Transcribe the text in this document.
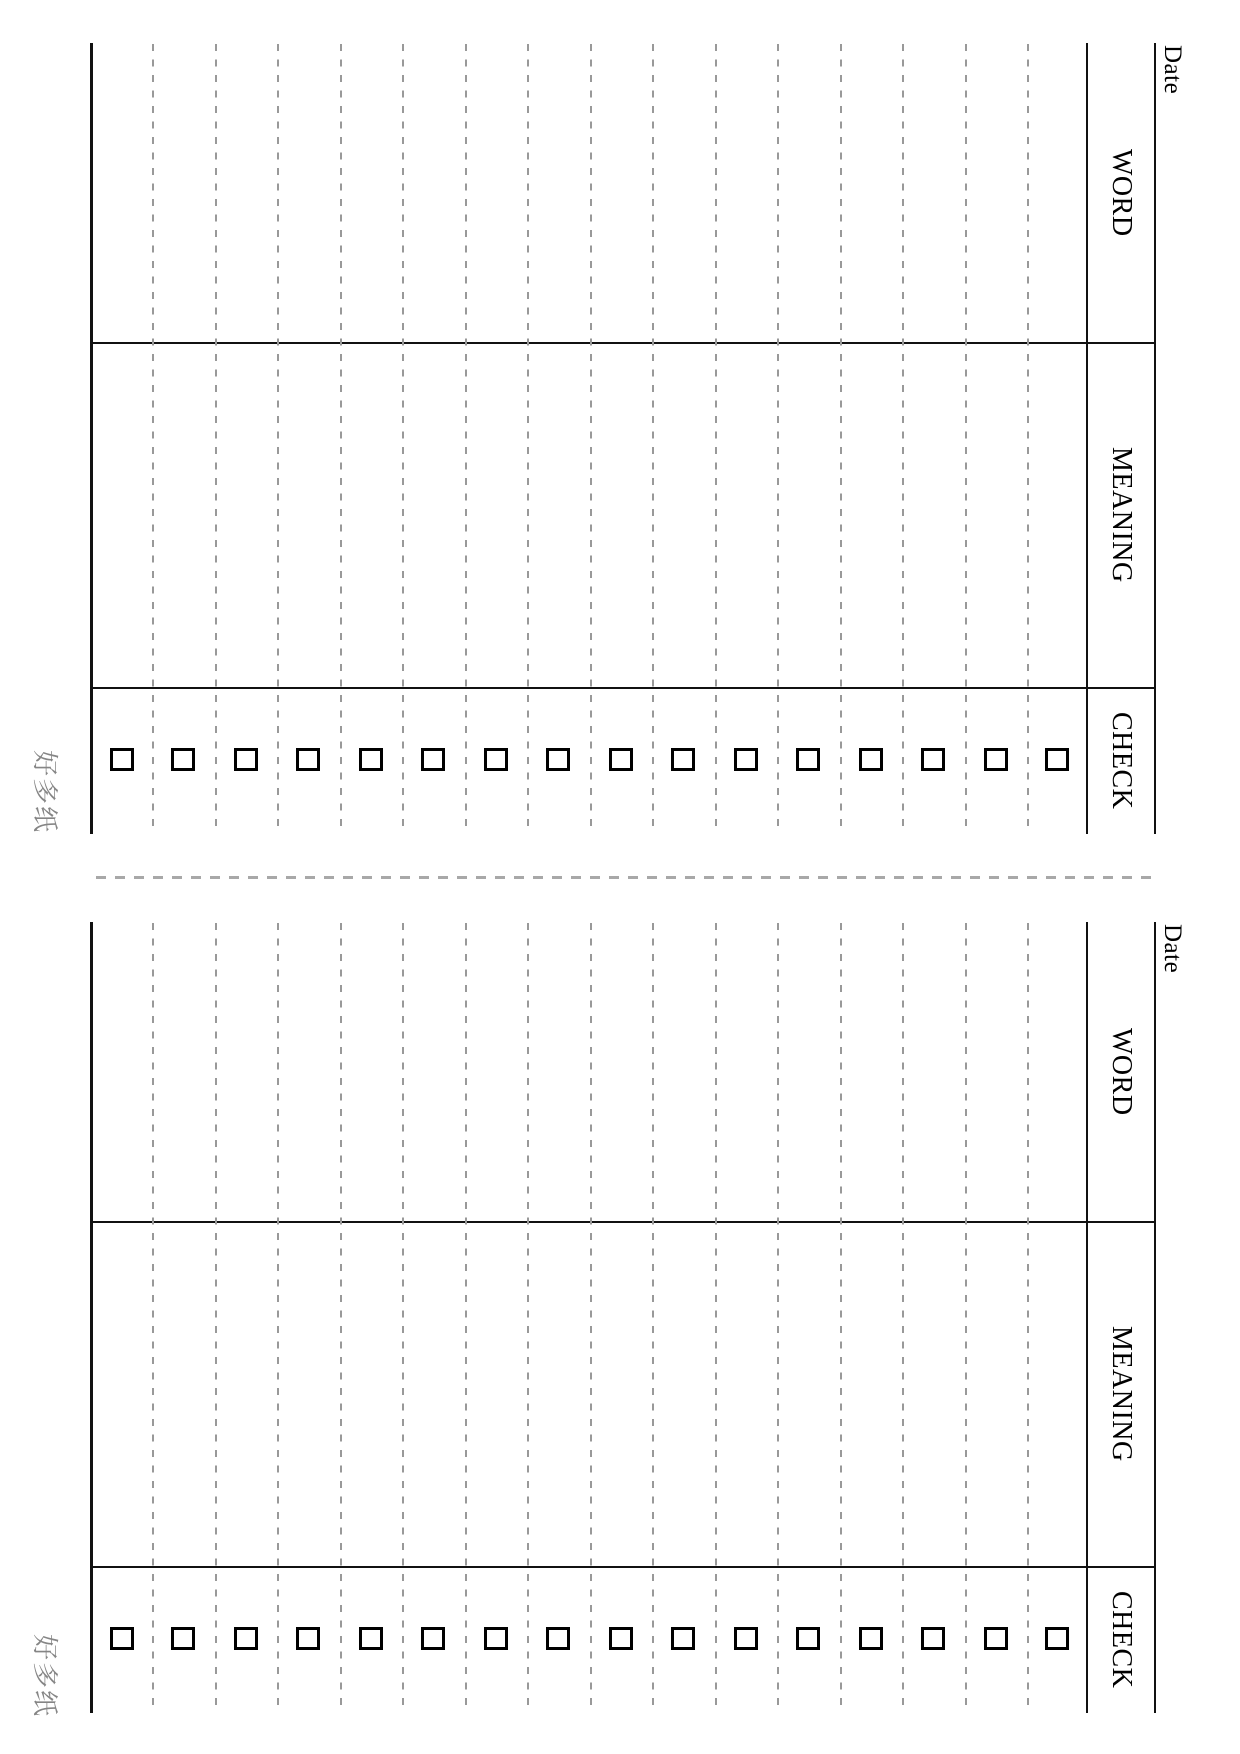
Date
WORD
MEANING
CHECK
Date
WORD
MEANING
CHECK
好多纸
好多纸
